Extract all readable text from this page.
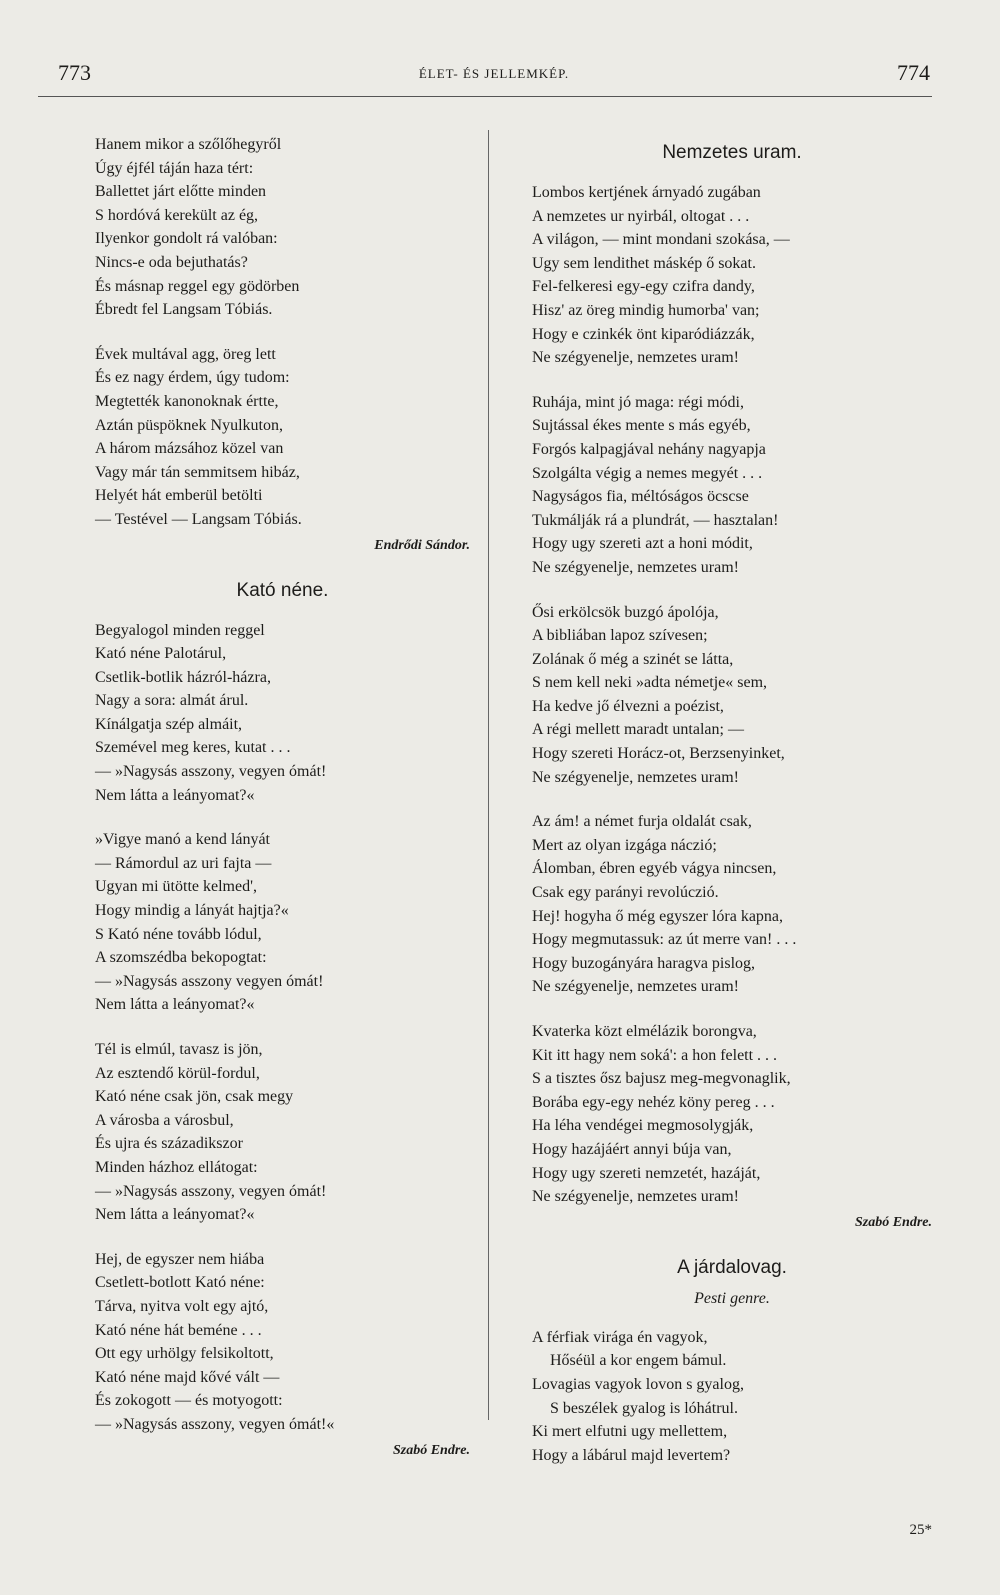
773	ÉLET- ÉS JELLEMKÉP.	774
Hanem mikor a szőlőhegyről
Úgy éjfél táján haza tért:
Ballettet járt előtte minden
S hordóvá kerekült az ég,
Ilyenkor gondolt rá valóban:
Nincs-e oda bejuthatás?
És másnap reggel egy gödörben
Ébredt fel Langsam Tóbiás.
Évek multával agg, öreg lett
És ez nagy érdem, úgy tudom:
Megtették kanonoknak értte,
Aztán püspöknek Nyulkuton,
A három mázsához közel van
Vagy már tán semmitsem hibáz,
Helyét hát emberül betölti
— Testével — Langsam Tóbiás.
Endrődi Sándor.
Kató néne.
Begyalogol minden reggel
Kató néne Palotárul,
Csetlik-botlik házról-házra,
Nagy a sora: almát árul.
Kínálgatja szép almáit,
Szemével meg keres, kutat . . .
— »Nagysás asszony, vegyen ómát!
Nem látta a leányomat?«
»Vigye manó a kend lányát
— Rámordul az uri fajta —
Ugyan mi ütötte kelmed',
Hogy mindig a lányát hajtja?«
S Kató néne tovább lódul,
A szomszédba bekopogtat:
— »Nagysás asszony vegyen ómát!
Nem látta a leányomat?«
Tél is elmúl, tavasz is jön,
Az esztendő körül-fordul,
Kató néne csak jön, csak megy
A városba a városbul,
És ujra és századikszor
Minden házhoz ellátogat:
— »Nagysás asszony, vegyen ómát!
Nem látta a leányomat?«
Hej, de egyszer nem hiába
Csetlett-botlott Kató néne:
Tárva, nyitva volt egy ajtó,
Kató néne hát beméne . . .
Ott egy urhölgy felsikoltott,
Kató néne majd kővé vált —
És zokogott — és motyogott:
— »Nagysás asszony, vegyen ómát!«
Szabó Endre.
Nemzetes uram.
Lombos kertjének árnyadó zugában
A nemzetes ur nyirbál, oltogat . . .
A világon, — mint mondani szokása, —
Ugy sem lendithet máskép ő sokat.
Fel-felkeresi egy-egy czifra dandy,
Hisz' az öreg mindig humorba' van;
Hogy e czinkék önt kiparódiázzák,
Ne szégyenelje, nemzetes uram!
Ruhája, mint jó maga: régi módi,
Sujtással ékes mente s más egyéb,
Forgós kalpagjával nehány nagyapja
Szolgálta végig a nemes megyét . . .
Nagyságos fia, méltóságos öcscse
Tukmálják rá a plundrát, — hasztalan!
Hogy ugy szereti azt a honi módit,
Ne szégyenelje, nemzetes uram!
Ősi erkölcsök buzgó ápolója,
A bibliában lapoz szívesen;
Zolának ő még a szinét se látta,
S nem kell neki »adta németje« sem,
Ha kedve jő élvezni a poézist,
A régi mellett maradt untalan; —
Hogy szereti Horácz-ot, Berzsenyinket,
Ne szégyenelje, nemzetes uram!
Az ám! a német furja oldalát csak,
Mert az olyan izgága náczió;
Álomban, ébren egyéb vágya nincsen,
Csak egy parányi revolúczió.
Hej! hogyha ő még egyszer lóra kapna,
Hogy megmutassuk: az út merre van! . . .
Hogy buzogányára haragva pislog,
Ne szégyenelje, nemzetes uram!
Kvaterka közt elmélázik borongva,
Kit itt hagy nem soká': a hon felett . . .
S a tisztes ősz bajusz meg-megvonaglik,
Borába egy-egy nehéz köny pereg . . .
Ha léha vendégei megmosolygják,
Hogy hazájáért annyi búja van,
Hogy ugy szereti nemzetét, hazáját,
Ne szégyenelje, nemzetes uram!
Szabó Endre.
A járdalovag.
Pesti genre.
A férfiak virága én vagyok,
Hőséül a kor engem bámul.
Lovagias vagyok lovon s gyalog,
S beszélek gyalog is lóhátrul.
Ki mert elfutni ugy mellettem,
Hogy a lábárul majd levertem?
25*
